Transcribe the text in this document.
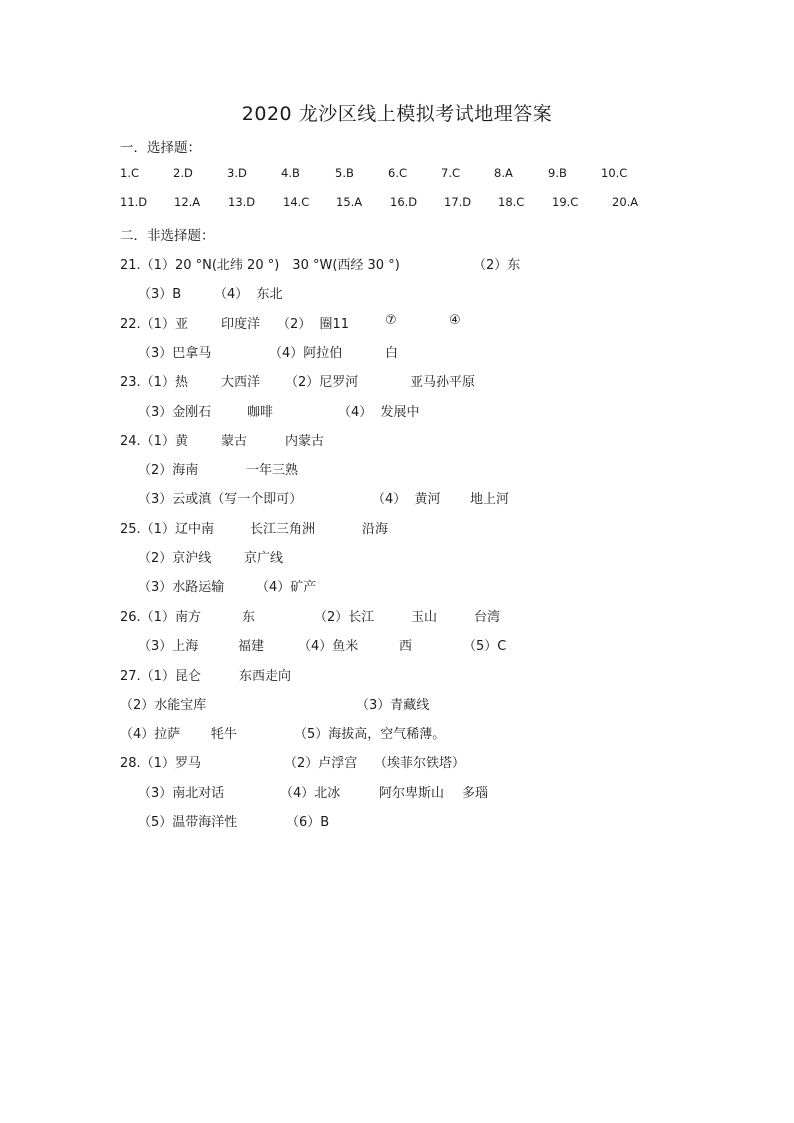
2020 龙沙区线上模拟考试地理答案
一．选择题：
1.C	2.D	3.D	4.B	5.B	6.C	7.C	8.A	9.B	10.C
11.D 12.A 13.D 14.C 15.A 16.D 17.D 18.C 19.C	20.A
二．非选择题：
21.（1）20 °N(北纬 20 °)　30 °W(西经 30 °)	（2）东
（3）B	（4）  东北
22.（1）亚	印度洋 （2）  圈11	⑦	④
（3）巴拿马	（4）阿拉伯	白
23.（1）热	大西洋 （2）尼罗河	亚马孙平原
（3）金刚石	咖啡	（4）  发展中
24.（1）黄	蒙古	内蒙古
（2）海南	一年三熟
（3）云或滇（写一个即可）	（4）  黄河 地上河
25.（1）辽中南	长江三角洲	沿海
（2）京沪线	京广线
（3）水路运输 （4）矿产
26.（1）南方	东	（2）长江	玉山	台湾
（3）上海	福建	（4）鱼米	西	（5）C
27.（1）昆仑	东西走向
（2）水能宝库	（3）青藏线
（4）拉萨 牦牛	（5）海拔高，空气稀薄。
28.（1）罗马	（2）卢浮宫 （埃菲尔铁塔）
（3）南北对话	（4）北冰	阿尔卑斯山 多瑙
（5）温带海洋性	（6）B
